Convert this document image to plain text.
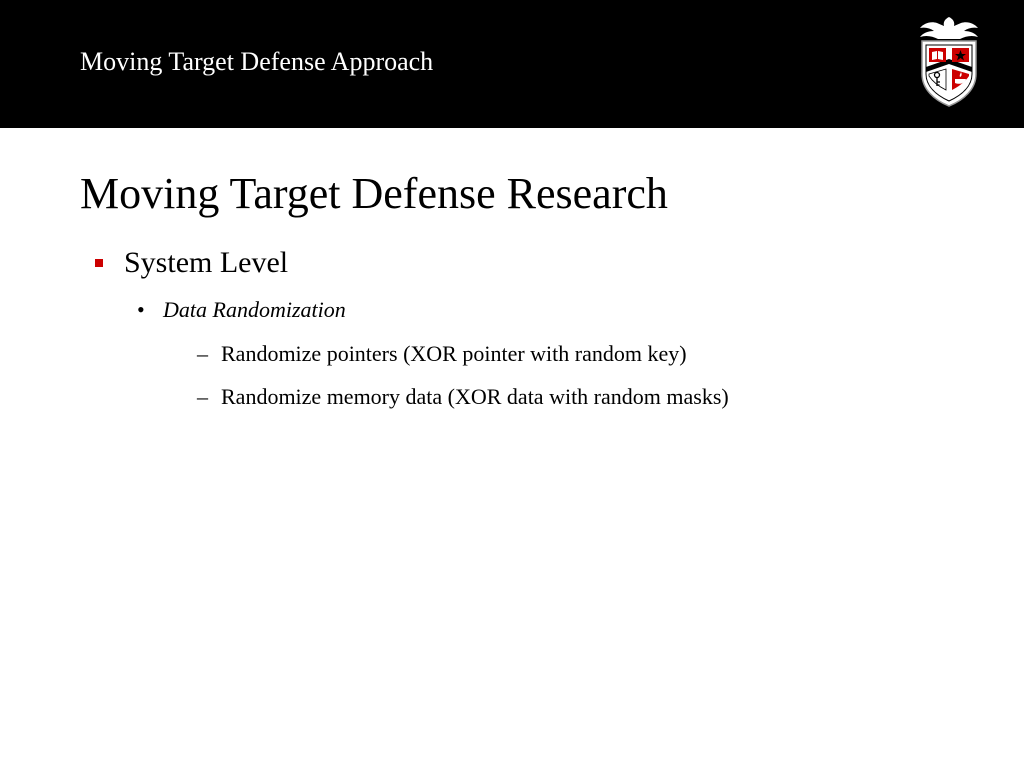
Moving Target Defense Approach
Moving Target Defense Research
System Level
• Data Randomization
– Randomize pointers (XOR pointer with random key)
– Randomize memory data (XOR data with random masks)
